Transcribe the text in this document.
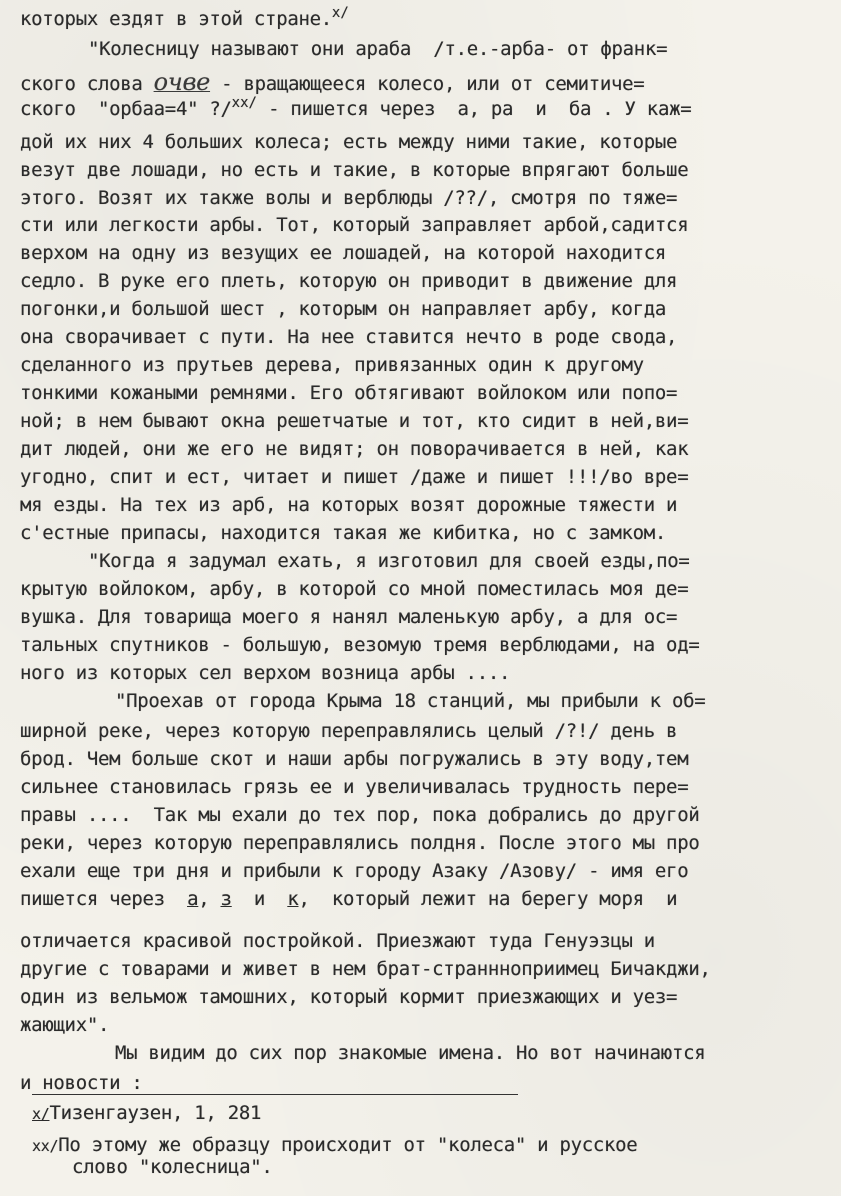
которых ездят в этой стране.$^{x/}$
"Колесницу называют они араба  /т.е.-арба- от франк=
ского слова очве - вращающееся колесо, или от семитиче=
ского  "орбаа=4" ?/$^{xx/}$ - пишется через  а, ра  и  ба . У каж=
дой их них 4 больших колеса; есть между ними такие, которые
везут две лошади, но есть и такие, в которые впрягают больше
этого. Возят их также волы и верблюды /??/, смотря по тяже=
сти или легкости арбы. Тот, который заправляет арбой,садится
верхом на одну из везущих ее лошадей, на которой находится
седло. В руке его плеть, которую он приводит в движение для
погонки,и большой шест , которым он направляет арбу, когда
она сворачивает с пути. На нее ставится нечто в роде свода,
сделанного из прутьев дерева, привязанных один к другому
тонкими кожаными ремнями. Его обтягивают войлоком или попо=
ной; в нем бывают окна решетчатые и тот, кто сидит в ней,ви=
дит людей, они же его не видят; он поворачивается в ней, как
угодно, спит и ест, читает и пишет /даже и пишет !!!/во вре=
мя езды. На тех из арб, на которых возят дорожные тяжести и
с'естные припасы, находится такая же кибитка, но с замком.
"Когда я задумал ехать, я изготовил для своей езды,по=
крытую войлоком, арбу, в которой со мной поместилась моя де=
вушка. Для товарища моего я нанял маленькую арбу, а для ос=
тальных спутников - большую, везомую тремя верблюдами, на од=
ного из которых сел верхом возница арбы ....
"Проехав от города Крыма 18 станций, мы прибыли к об=
ширной реке, через которую переправлялись целый /?!/ день в
брод. Чем больше скот и наши арбы погружались в эту воду,тем
сильнее становилась грязь ее и увеличивалась трудность пере=
правы ....  Так мы ехали до тех пор, пока добрались до другой
реки, через которую переправлялись полдня. После этого мы про
ехали еще три дня и прибыли к городу Азаку /Азову/ - имя его
пишется через  а, з  и  к,  который лежит на берегу моря  и
отличается красивой постройкой. Приезжают туда Генуэзцы и
другие с товарами и живет в нем брат-страннноприимец Бичакджи,
один из вельмож тамошних, который кормит приезжающих и уез=
жающих".
Мы видим до сих пор знакомые имена. Но вот начинаются
и новости :
x/Тизенгаузен, 1, 281
xx/По этому же образцу происходит от "колеса" и русское
слово "колесница".
